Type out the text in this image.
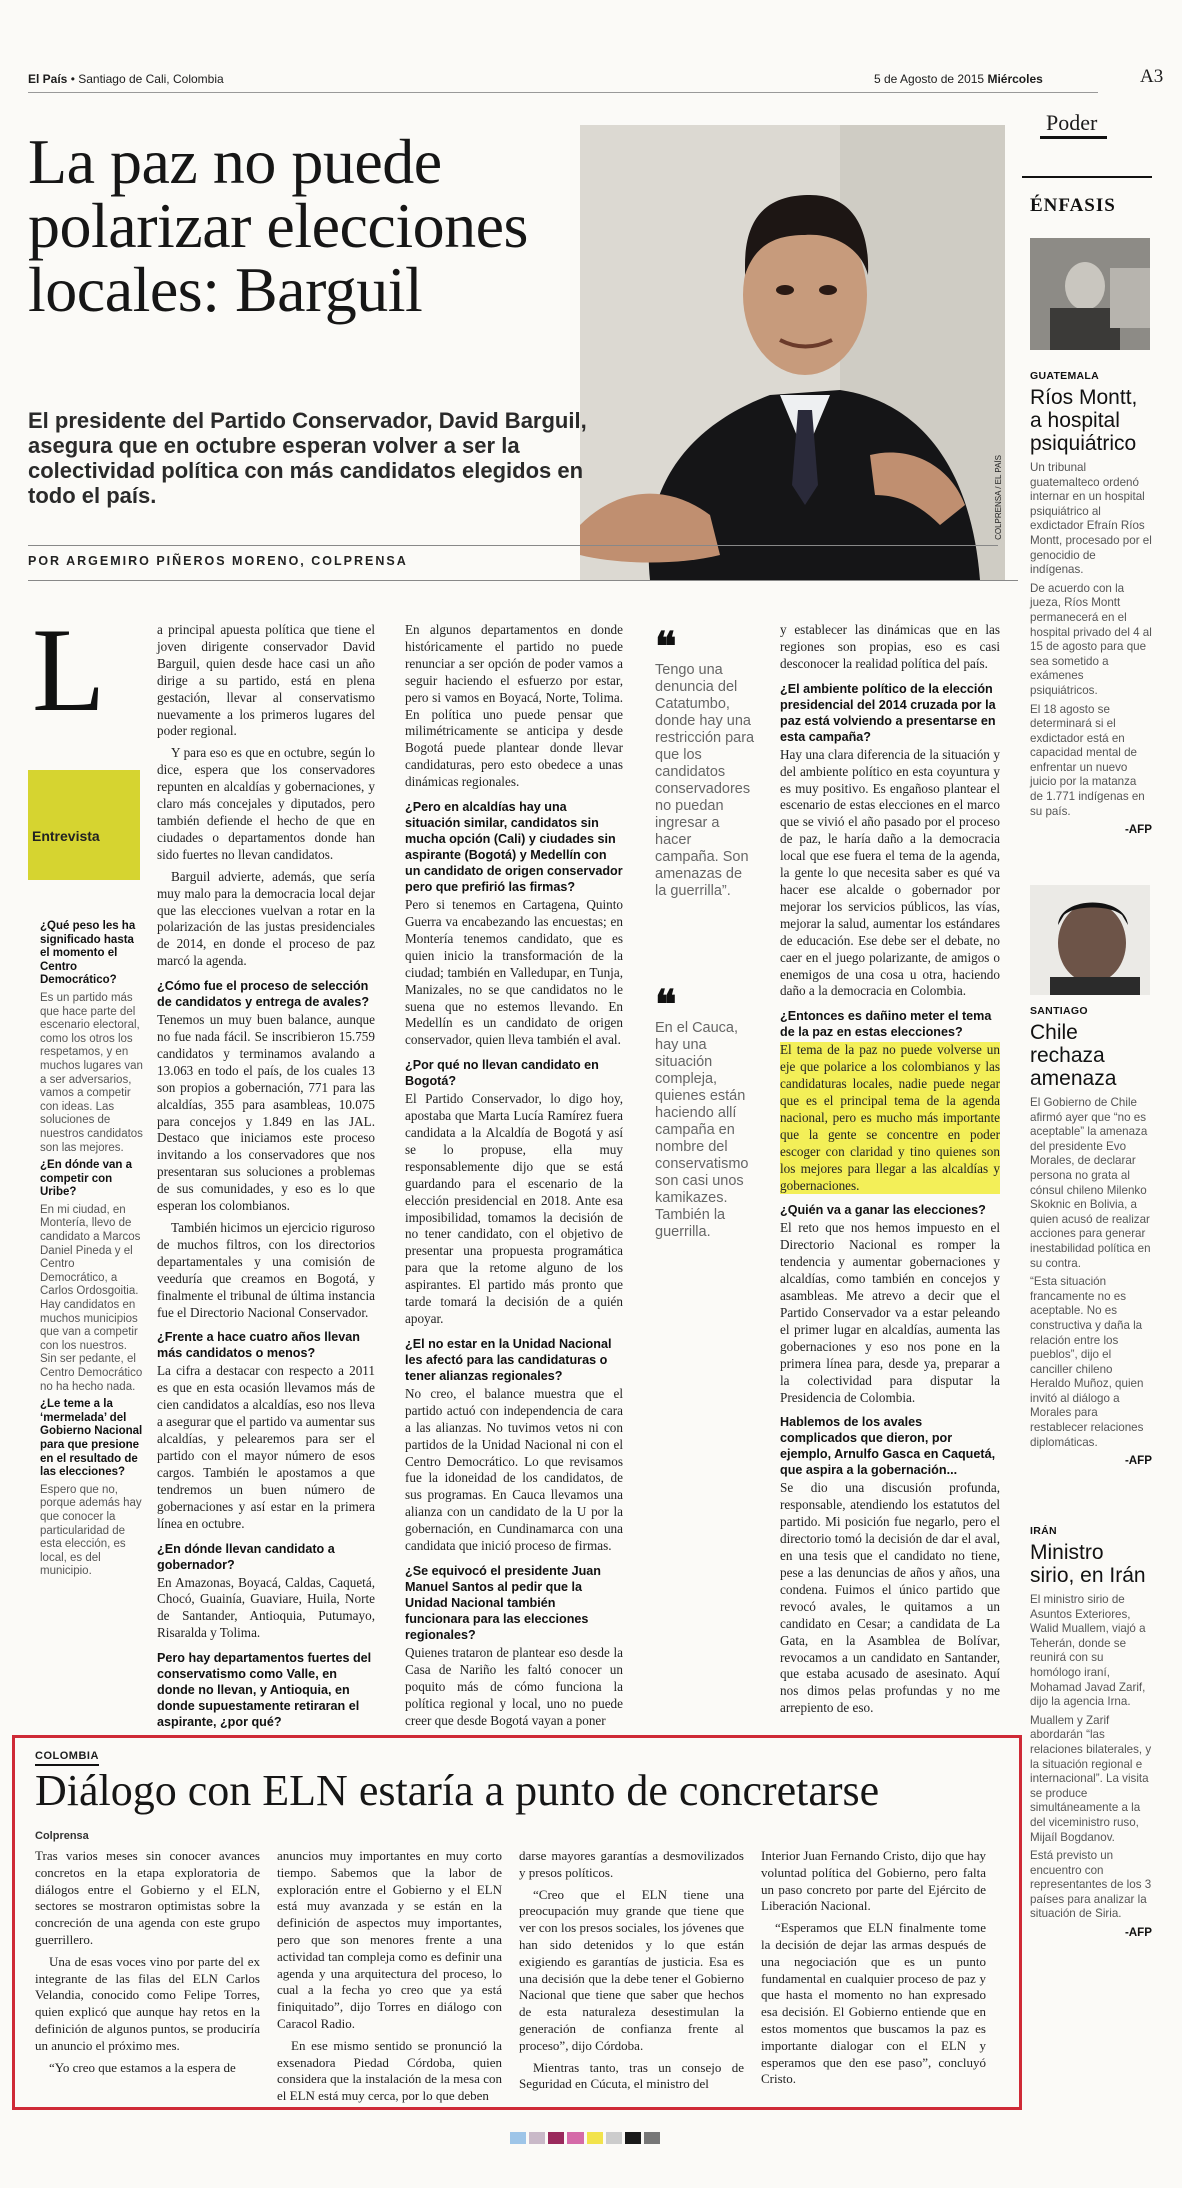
El País • Santiago de Cali, Colombia	5 de Agosto de 2015 Miércoles	A3
Poder
COLPRENSA / EL PAÍS
La paz no puede polarizar elecciones locales: Barguil
El presidente del Partido Conservador, David Barguil, asegura que en octubre esperan volver a ser la colectividad política con más candidatos elegidos en todo el país.
POR ARGEMIRO PIÑEROS MORENO, COLPRENSA
L
Entrevista

¿Qué peso les ha significado hasta el momento el Centro Democrático?

Es un partido más que hace parte del escenario electoral, como los otros los respetamos, y en muchos lugares van a ser adversarios, vamos a competir con ideas. Las soluciones de nuestros candidatos son las mejores.

¿En dónde van a competir con Uribe?

En mi ciudad, en Montería, llevo de candidato a Marcos Daniel Pineda y el Centro Democrático, a Carlos Ordosgoitia. Hay candidatos en muchos municipios que van a competir con los nuestros. Sin ser pedante, el Centro Democrático no ha hecho nada.

¿Le teme a la ‘mermelada’ del Gobierno Nacional para que presione en el resultado de las elecciones?

Espero que no, porque además hay que conocer la particularidad de esta elección, es local, es del municipio.

a principal apuesta política que tiene el joven dirigente conservador David Barguil, quien desde hace casi un año dirige a su partido, está en plena gestación, llevar al conservatismo nuevamente a los primeros lugares del poder regional.

Y para eso es que en octubre, según lo dice, espera que los conservadores repunten en alcaldías y gobernaciones, y claro más concejales y diputados, pero también defiende el hecho de que en ciudades o departamentos donde han sido fuertes no llevan candidatos.

Barguil advierte, además, que sería muy malo para la democracia local dejar que las elecciones vuelvan a rotar en la polarización de las justas presidenciales de 2014, en donde el proceso de paz marcó la agenda.

¿Cómo fue el proceso de selección de candidatos y entrega de avales?

Tenemos un muy buen balance, aunque no fue nada fácil. Se inscribieron 15.759 candidatos y terminamos avalando a 13.063 en todo el país, de los cuales 13 son propios a gobernación, 771 para las alcaldías, 355 para asambleas, 10.075 para concejos y 1.849 en las JAL. Destaco que iniciamos este proceso invitando a los conservadores que nos presentaran sus soluciones a problemas de sus comunidades, y eso es lo que esperan los colombianos.

También hicimos un ejercicio riguroso de muchos filtros, con los directorios departamentales y una comisión de veeduría que creamos en Bogotá, y finalmente el tribunal de última instancia fue el Directorio Nacional Conservador.

¿Frente a hace cuatro años llevan más candidatos o menos?

La cifra a destacar con respecto a 2011 es que en esta ocasión llevamos más de cien candidatos a alcaldías, eso nos lleva a asegurar que el partido va aumentar sus alcaldías, y pelearemos para ser el partido con el mayor número de esos cargos. También le apostamos a que tendremos un buen número de gobernaciones y así estar en la primera línea en octubre.

¿En dónde llevan candidato a gobernador?

En Amazonas, Boyacá, Caldas, Caquetá, Chocó, Guainía, Guaviare, Huila, Norte de Santander, Antioquia, Putumayo, Risaralda y Tolima.

Pero hay departamentos fuertes del conservatismo como Valle, en donde no llevan, y Antioquia, en donde supuestamente retiraran el aspirante, ¿por qué?

En algunos departamentos en donde históricamente el partido no puede renunciar a ser opción de poder vamos a seguir haciendo el esfuerzo por estar, pero si vamos en Boyacá, Norte, Tolima. En política uno puede pensar que milimétricamente se anticipa y desde Bogotá puede plantear donde llevar candidaturas, pero esto obedece a unas dinámicas regionales.

¿Pero en alcaldías hay una situación similar, candidatos sin mucha opción (Cali) y ciudades sin aspirante (Bogotá) y Medellín con un candidato de origen conservador pero que prefirió las firmas?

Pero si tenemos en Cartagena, Quinto Guerra va encabezando las encuestas; en Montería tenemos candidato, que es quien inicio la transformación de la ciudad; también en Valledupar, en Tunja, Manizales, no se que candidatos no le suena que no estemos llevando. En Medellín es un candidato de origen conservador, quien lleva también el aval.

¿Por qué no llevan candidato en Bogotá?

El Partido Conservador, lo digo hoy, apostaba que Marta Lucía Ramírez fuera candidata a la Alcaldía de Bogotá y así se lo propuse, ella muy responsablemente dijo que se está guardando para el escenario de la elección presidencial en 2018. Ante esa imposibilidad, tomamos la decisión de no tener candidato, con el objetivo de presentar una propuesta programática para que la retome alguno de los aspirantes. El partido más pronto que tarde tomará la decisión de a quién apoyar.

¿El no estar en la Unidad Nacional les afectó para las candidaturas o tener alianzas regionales?

No creo, el balance muestra que el partido actuó con independencia de cara a las alianzas. No tuvimos vetos ni con partidos de la Unidad Nacional ni con el Centro Democrático. Lo que revisamos fue la idoneidad de los candidatos, de sus programas. En Cauca llevamos una alianza con un candidato de la U por la gobernación, en Cundinamarca con una candidata que inició proceso de firmas.

¿Se equivocó el presidente Juan Manuel Santos al pedir que la Unidad Nacional también funcionara para las elecciones regionales?

Quienes trataron de plantear eso desde la Casa de Nariño les faltó conocer un poquito más de cómo funciona la política regional y local, uno no puede creer que desde Bogotá vayan a poner

❝
Tengo una denuncia del Catatumbo, donde hay una restricción para que los candidatos conservadores no puedan ingresar a hacer campaña. Son amenazas de la guerrilla”.
❝
En el Cauca, hay una situación compleja, quienes están haciendo allí campaña en nombre del conservatismo son casi unos kamikazes. También la guerrilla.

y establecer las dinámicas que en las regiones son propias, eso es casi desconocer la realidad política del país.

¿El ambiente político de la elección presidencial del 2014 cruzada por la paz está volviendo a presentarse en esta campaña?

Hay una clara diferencia de la situación y del ambiente político en esta coyuntura y es muy positivo. Es engañoso plantear el escenario de estas elecciones en el marco que se vivió el año pasado por el proceso de paz, le haría daño a la democracia local que ese fuera el tema de la agenda, la gente lo que necesita saber es qué va hacer ese alcalde o gobernador por mejorar los servicios públicos, las vías, mejorar la salud, aumentar los estándares de educación. Ese debe ser el debate, no caer en el juego polarizante, de amigos o enemigos de una cosa u otra, haciendo daño a la democracia en Colombia.

¿Entonces es dañino meter el tema de la paz en estas elecciones?

El tema de la paz no puede volverse un eje que polarice a los colombianos y las candidaturas locales, nadie puede negar que es el principal tema de la agenda nacional, pero es mucho más importante que la gente se concentre en poder escoger con claridad y tino quienes son los mejores para llegar a las alcaldías y gobernaciones.

¿Quién va a ganar las elecciones?

El reto que nos hemos impuesto en el Directorio Nacional es romper la tendencia y aumentar gobernaciones y alcaldías, como también en concejos y asambleas. Me atrevo a decir que el Partido Conservador va a estar peleando el primer lugar en alcaldías, aumenta las gobernaciones y eso nos pone en la primera línea para, desde ya, preparar a la colectividad para disputar la Presidencia de Colombia.

Hablemos de los avales complicados que dieron, por ejemplo, Arnulfo Gasca en Caquetá, que aspira a la gobernación...

Se dio una discusión profunda, responsable, atendiendo los estatutos del partido. Mi posición fue negarlo, pero el directorio tomó la decisión de dar el aval, en una tesis que el candidato no tiene, pese a las denuncias de años y años, una condena. Fuimos el único partido que revocó avales, le quitamos a un candidato en Cesar; a candidata de La Gata, en la Asamblea de Bolívar, revocamos a un candidato en Santander, que estaba acusado de asesinato. Aquí nos dimos pelas profundas y no me arrepiento de eso.

ÉNFASIS

GUATEMALA

Ríos Montt, a hospital psiquiátrico

Un tribunal guatemalteco ordenó internar en un hospital psiquiátrico al exdictador Efraín Ríos Montt, procesado por el genocidio de indígenas.

De acuerdo con la jueza, Ríos Montt permanecerá en el hospital privado del 4 al 15 de agosto para que sea sometido a exámenes psiquiátricos.

El 18 agosto se determinará si el exdictador está en capacidad mental de enfrentar un nuevo juicio por la matanza de 1.771 indígenas en su país.

-AFP

SANTIAGO

Chile rechaza amenaza

El Gobierno de Chile afirmó ayer que “no es aceptable” la amenaza del presidente Evo Morales, de declarar persona no grata al cónsul chileno Milenko Skoknic en Bolivia, a quien acusó de realizar acciones para generar inestabilidad política en su contra.

“Esta situación francamente no es aceptable. No es constructiva y daña la relación entre los pueblos”, dijo el canciller chileno Heraldo Muñoz, quien invitó al diálogo a Morales para restablecer relaciones diplomáticas.

-AFP

IRÁN

Ministro sirio, en Irán

El ministro sirio de Asuntos Exteriores, Walid Muallem, viajó a Teherán, donde se reunirá con su homólogo iraní, Mohamad Javad Zarif, dijo la agencia Irna.

Muallem y Zarif abordarán “las relaciones bilaterales, y la situación regional e internacional”. La visita se produce simultáneamente a la del viceministro ruso, Mijaíl Bogdanov.

Está previsto un encuentro con representantes de los 3 países para analizar la situación de Siria.

-AFP

COLOMBIA
Diálogo con ELN estaría a punto de concretarse
Colprensa

Tras varios meses sin conocer avances concretos en la etapa exploratoria de diálogos entre el Gobierno y el ELN, sectores se mostraron optimistas sobre la concreción de una agenda con este grupo guerrillero.

Una de esas voces vino por parte del ex integrante de las filas del ELN Carlos Velandia, conocido como Felipe Torres, quien explicó que aunque hay retos en la definición de algunos puntos, se produciría un anuncio el próximo mes.

“Yo creo que estamos a la espera de

anuncios muy importantes en muy corto tiempo. Sabemos que la labor de exploración entre el Gobierno y el ELN está muy avanzada y se están en la definición de aspectos muy importantes, pero que son menores frente a una actividad tan compleja como es definir una agenda y una arquitectura del proceso, lo cual a la fecha yo creo que ya está finiquitado”, dijo Torres en diálogo con Caracol Radio.

En ese mismo sentido se pronunció la exsenadora Piedad Córdoba, quien considera que la instalación de la mesa con el ELN está muy cerca, por lo que deben

darse mayores garantías a desmovilizados y presos políticos.

“Creo que el ELN tiene una preocupación muy grande que tiene que ver con los presos sociales, los jóvenes que han sido detenidos y lo que están exigiendo es garantías de justicia. Esa es una decisión que la debe tener el Gobierno Nacional que tiene que saber que hechos de esta naturaleza desestimulan la generación de confianza frente al proceso”, dijo Córdoba.

Mientras tanto, tras un consejo de Seguridad en Cúcuta, el ministro del

Interior Juan Fernando Cristo, dijo que hay voluntad política del Gobierno, pero falta un paso concreto por parte del Ejército de Liberación Nacional.

“Esperamos que ELN finalmente tome la decisión de dejar las armas después de una negociación que es un punto fundamental en cualquier proceso de paz y que hasta el momento no han expresado esa decisión. El Gobierno entiende que en estos momentos que buscamos la paz es importante dialogar con el ELN y esperamos que den ese paso”, concluyó Cristo.
